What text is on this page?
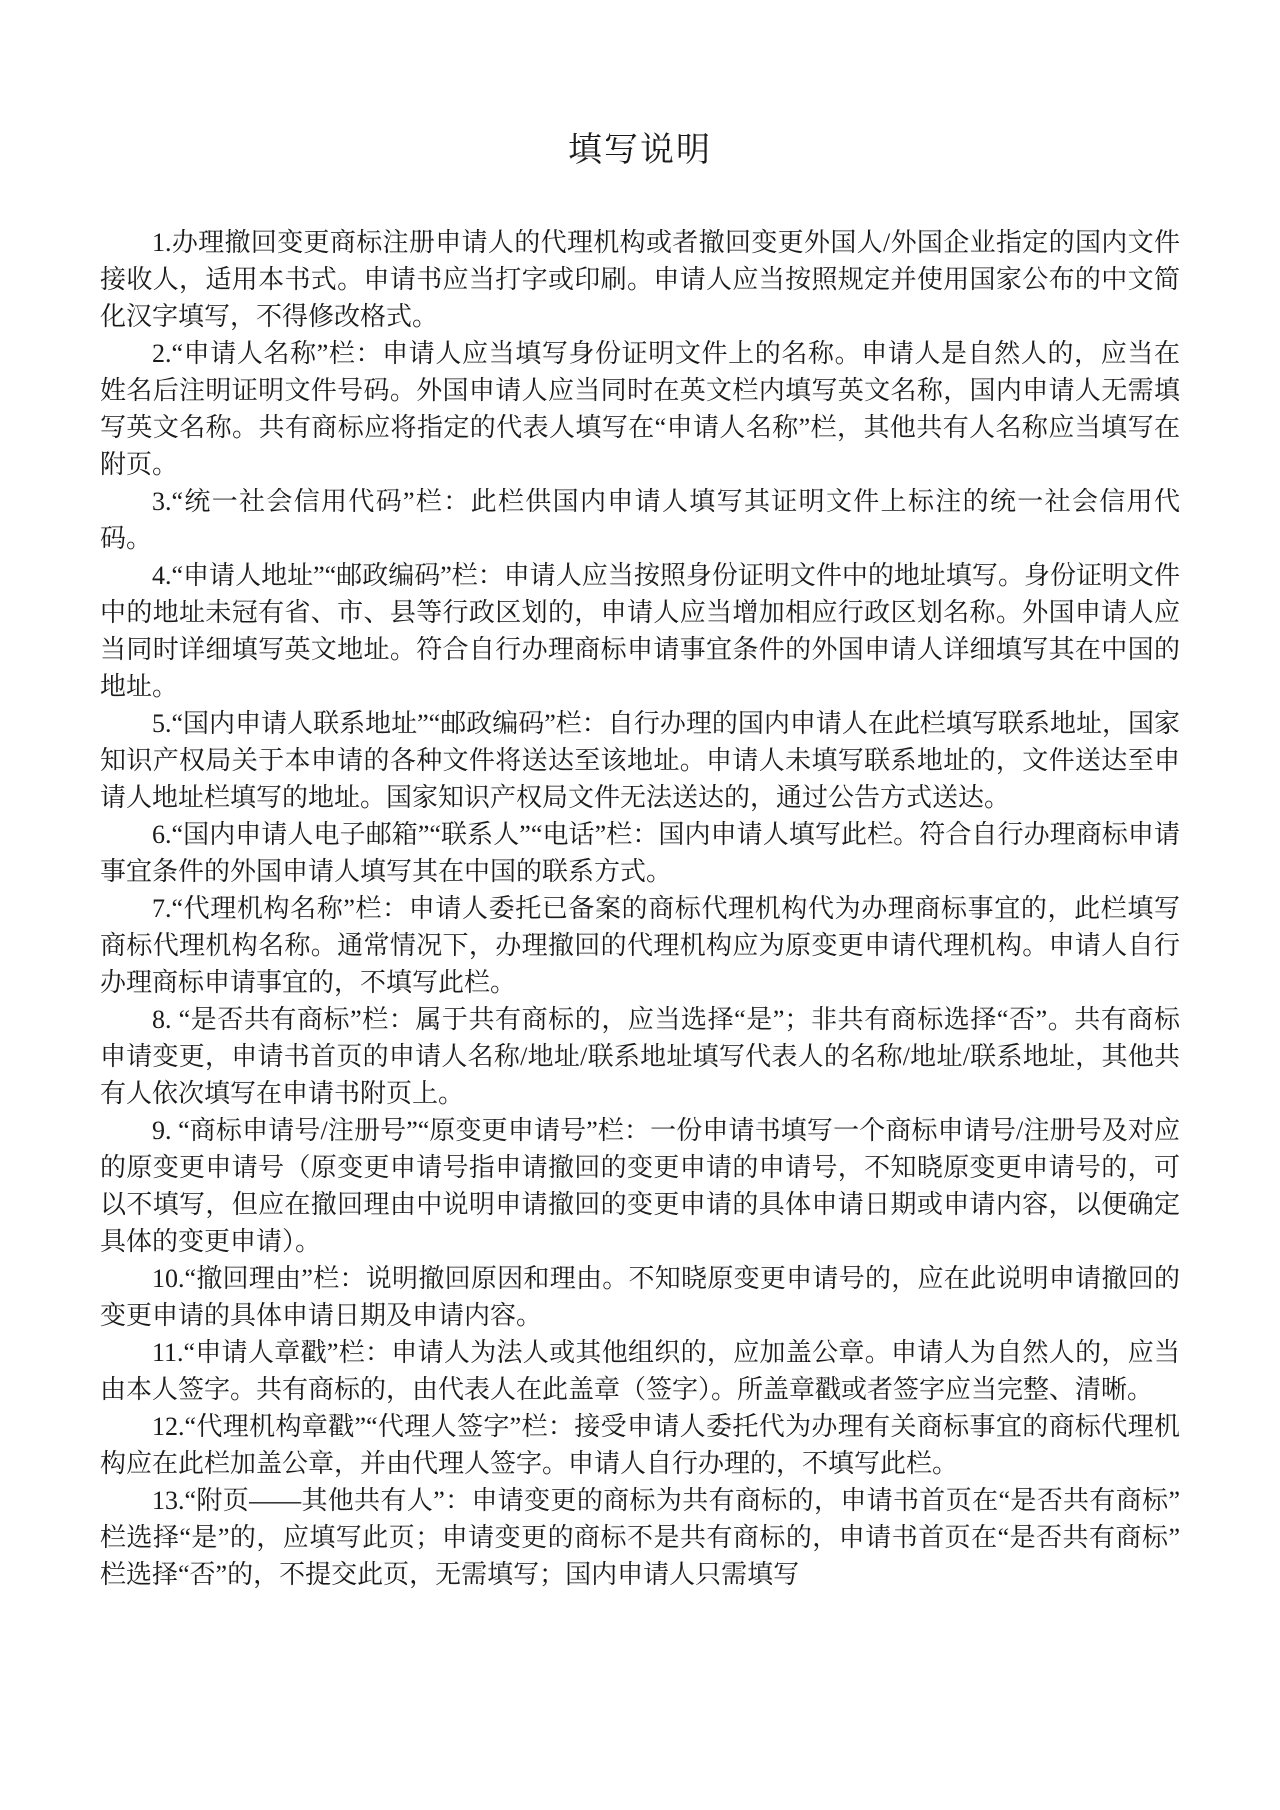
填写说明

1.办理撤回变更商标注册申请人的代理机构或者撤回变更外国人/外国企业指定的国内文件接收人，适用本书式。申请书应当打字或印刷。申请人应当按照规定并使用国家公布的中文简化汉字填写，不得修改格式。

2.“申请人名称”栏：申请人应当填写身份证明文件上的名称。申请人是自然人的，应当在姓名后注明证明文件号码。外国申请人应当同时在英文栏内填写英文名称，国内申请人无需填写英文名称。共有商标应将指定的代表人填写在“申请人名称”栏，其他共有人名称应当填写在附页。

3.“统一社会信用代码”栏：此栏供国内申请人填写其证明文件上标注的统一社会信用代码。

4.“申请人地址”“邮政编码”栏：申请人应当按照身份证明文件中的地址填写。身份证明文件中的地址未冠有省、市、县等行政区划的，申请人应当增加相应行政区划名称。外国申请人应当同时详细填写英文地址。符合自行办理商标申请事宜条件的外国申请人详细填写其在中国的地址。

5.“国内申请人联系地址”“邮政编码”栏：自行办理的国内申请人在此栏填写联系地址，国家知识产权局关于本申请的各种文件将送达至该地址。申请人未填写联系地址的，文件送达至申请人地址栏填写的地址。国家知识产权局文件无法送达的，通过公告方式送达。

6.“国内申请人电子邮箱”“联系人”“电话”栏：国内申请人填写此栏。符合自行办理商标申请事宜条件的外国申请人填写其在中国的联系方式。

7.“代理机构名称”栏：申请人委托已备案的商标代理机构代为办理商标事宜的，此栏填写商标代理机构名称。通常情况下，办理撤回的代理机构应为原变更申请代理机构。申请人自行办理商标申请事宜的，不填写此栏。

8. “是否共有商标”栏：属于共有商标的，应当选择“是”；非共有商标选择“否”。共有商标申请变更，申请书首页的申请人名称/地址/联系地址填写代表人的名称/地址/联系地址，其他共有人依次填写在申请书附页上。

9. “商标申请号/注册号”“原变更申请号”栏：一份申请书填写一个商标申请号/注册号及对应的原变更申请号（原变更申请号指申请撤回的变更申请的申请号，不知晓原变更申请号的，可以不填写，但应在撤回理由中说明申请撤回的变更申请的具体申请日期或申请内容，以便确定具体的变更申请）。

10.“撤回理由”栏：说明撤回原因和理由。不知晓原变更申请号的，应在此说明申请撤回的变更申请的具体申请日期及申请内容。

11.“申请人章戳”栏：申请人为法人或其他组织的，应加盖公章。申请人为自然人的，应当由本人签字。共有商标的，由代表人在此盖章（签字）。所盖章戳或者签字应当完整、清晰。

12.“代理机构章戳”“代理人签字”栏：接受申请人委托代为办理有关商标事宜的商标代理机构应在此栏加盖公章，并由代理人签字。申请人自行办理的，不填写此栏。

13.“附页——其他共有人”：申请变更的商标为共有商标的，申请书首页在“是否共有商标”栏选择“是”的，应填写此页；申请变更的商标不是共有商标的，申请书首页在“是否共有商标”栏选择“否”的，不提交此页，无需填写；国内申请人只需填写
